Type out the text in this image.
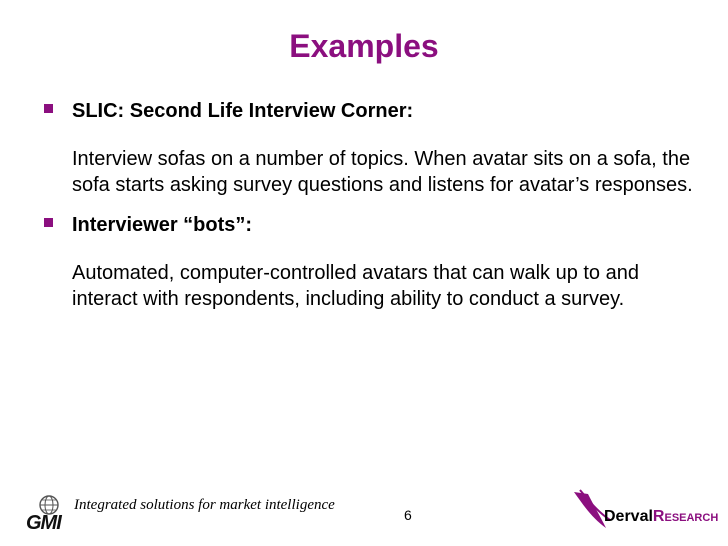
Examples
SLIC: Second Life Interview Corner:
Interview sofas on a number of topics. When avatar sits on a sofa, the sofa starts asking survey questions and listens for avatar’s responses.
Interviewer “bots”:
Automated, computer-controlled avatars that can walk up to and interact with respondents, including ability to conduct a survey.
GMI
Integrated solutions for market intelligence
6	DervalResearch
